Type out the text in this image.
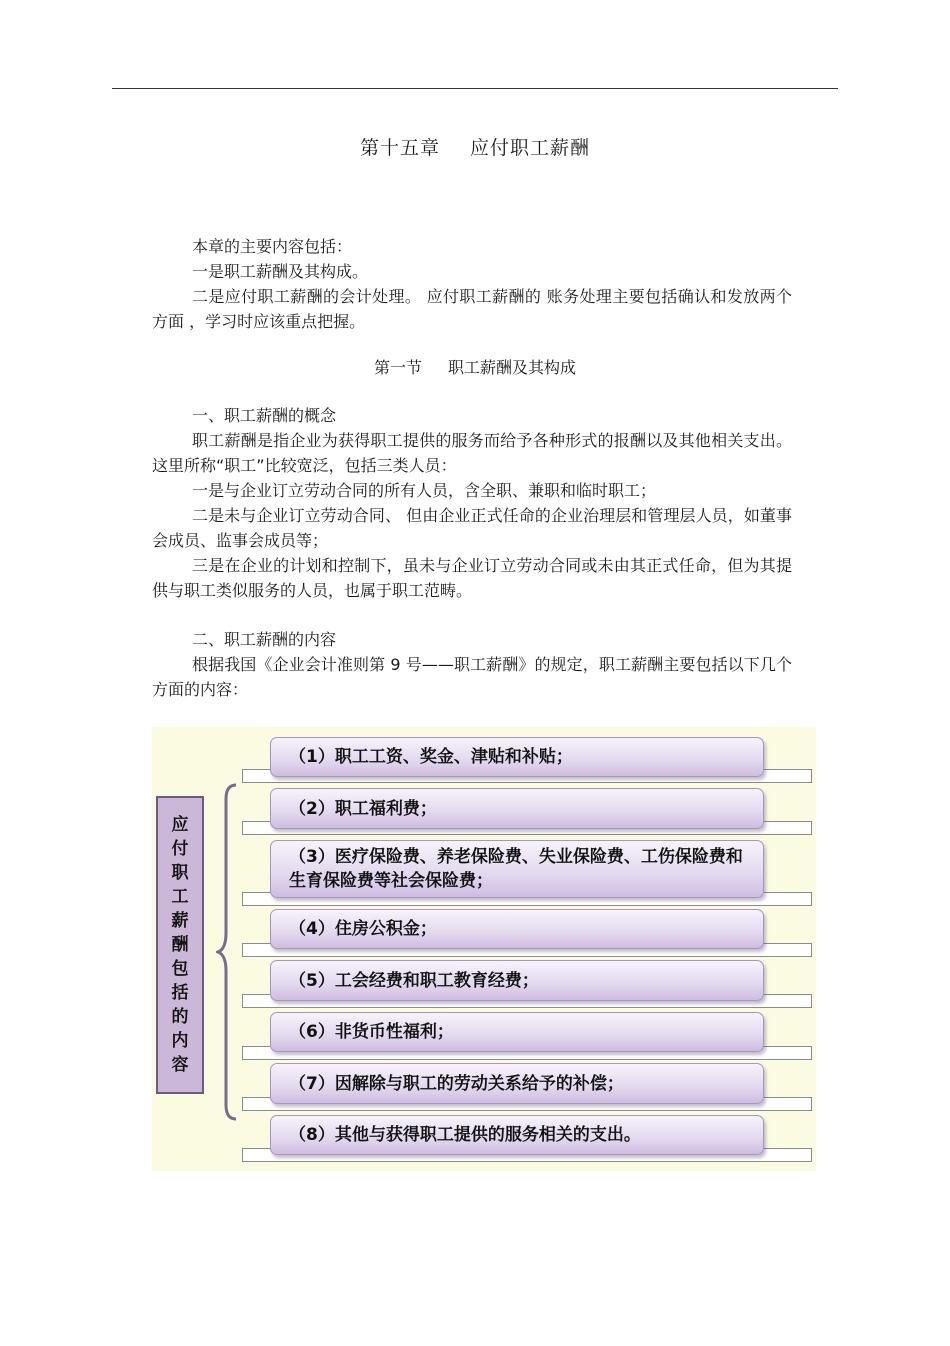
第十五章 应付职工薪酬

本章的主要内容包括：

一是职工薪酬及其构成。

二是应付职工薪酬的会计处理。 应付职工薪酬的 账务处理主要包括确认和发放两个方面 ，学习时应该重点把握。

第一节 职工薪酬及其构成

一、职工薪酬的概念

职工薪酬是指企业为获得职工提供的服务而给予各种形式的报酬以及其他相关支出。这里所称“职工”比较宽泛，包括三类人员：

一是与企业订立劳动合同的所有人员，含全职、兼职和临时职工；

二是未与企业订立劳动合同、 但由企业正式任命的企业治理层和管理层人员，如董事会成员、监事会成员等；

三是在企业的计划和控制下，虽未与企业订立劳动合同或未由其正式任命，但为其提供与职工类似服务的人员，也属于职工范畴。

二、职工薪酬的内容

根据我国《企业会计准则第 9 号——职工薪酬》的规定，职工薪酬主要包括以下几个方面的内容：

应
付
职
工
薪
酬
包
括
的
内
容
（1）职工工资、奖金、津贴和补贴；
（2）职工福利费；
（3）医疗保险费、养老保险费、失业保险费、工伤保险费和生育保险费等社会保险费；
（4）住房公积金；
（5）工会经费和职工教育经费；
（6）非货币性福利；
（7）因解除与职工的劳动关系给予的补偿；
（8）其他与获得职工提供的服务相关的支出。
